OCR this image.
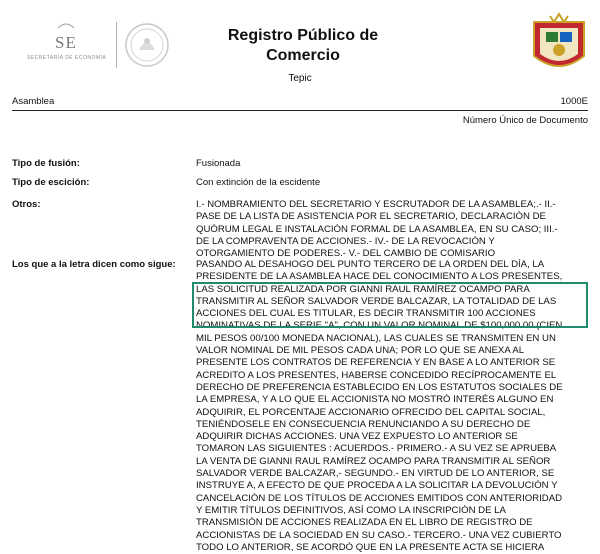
SE
SECRETARÍA DE ECONOMÍA
Registro Público de
Comercio
Tepic
Asamblea	1000E
Número Único de Documento
Tipo de fusión:	Fusionada
Tipo de escición:	Con extinción de la escidente
Otros:	I.- NOMBRAMIENTO DEL SECRETARIO Y ESCRUTADOR DE LA ASAMBLEA;.- II.-
PASE DE LA LISTA DE ASISTENCIA POR EL SECRETARIO, DECLARACIÓN DE
QUÓRUM LEGAL E INSTALACIÓN FORMAL DE LA ASAMBLEA, EN SU CASO; III.-
DE LA COMPRAVENTA DE ACCIONES.- IV.- DE LA REVOCACIÓN Y
OTORGAMIENTO DE PODERES.- V.- DEL CAMBIO DE COMISARIO
Los que a la letra dicen como sigue: PASANDO AL DESAHOGO DEL PUNTO TERCERO DE LA ORDEN DEL DÍA, LA
PRESIDENTE DE LA ASAMBLEA HACE DEL CONOCIMIENTO A LOS PRESENTES,
LAS SOLICITUD REALIZADA POR GIANNI RAUL RAMÍREZ OCAMPO PARA
TRANSMITIR AL SEÑOR SALVADOR VERDE BALCAZAR, LA TOTALIDAD DE LAS
ACCIONES DEL CUAL ES TITULAR, ES DECIR TRANSMITIR 100 ACCIONES
NOMINATIVAS DE LA SERIE "A", CON UN VALOR NOMINAL DE $100,000.00 (CIEN
MIL PESOS 00/100 MONEDA NACIONAL), LAS CUALES SE TRANSMITEN EN UN
VALOR NOMINAL DE MIL PESOS CADA UNA; POR LO QUE SE ANEXA AL
PRESENTE LOS CONTRATOS DE REFERENCIA Y EN BASE A LO ANTERIOR SE
ACREDITO A LOS PRESENTES, HABERSE CONCEDIDO RECÍPROCAMENTE EL
DERECHO DE PREFERENCIA ESTABLECIDO EN LOS ESTATUTOS SOCIALES DE
LA EMPRESA, Y A LO QUE EL ACCIONISTA NO MOSTRÓ INTERÉS ALGUNO EN
ADQUIRIR, EL PORCENTAJE ACCIONARIO OFRECIDO DEL CAPITAL SOCIAL,
TENIÉNDOSELE EN CONSECUENCIA RENUNCIANDO A SU DERECHO DE
ADQUIRIR DICHAS ACCIONES. UNA VEZ EXPUESTO LO ANTERIOR SE
TOMARON LAS SIGUIENTES : ACUERDOS.- PRIMERO.- A SU VEZ SE APRUEBA
LA VENTA DE GIANNI RAUL RAMÍREZ OCAMPO PARA TRANSMITIR AL SEÑOR
SALVADOR VERDE BALCAZAR,- SEGUNDO.- EN VIRTUD DE LO ANTERIOR, SE
INSTRUYE A, A EFECTO DE QUE PROCEDA A LA SOLICITAR LA DEVOLUCIÓN Y
CANCELACIÓN DE LOS TÍTULOS DE ACCIONES EMITIDOS CON ANTERIORIDAD
Y EMITIR TÍTULOS DEFINITIVOS, ASÍ COMO LA INSCRIPCIÓN DE LA
TRANSMISIÓN DE ACCIONES REALIZADA EN EL LIBRO DE REGISTRO DE
ACCIONISTAS DE LA SOCIEDAD EN SU CASO.- TERCERO.- UNA VEZ CUBIERTO
TODO LO ANTERIOR, SE ACORDÓ QUE EN LA PRESENTE ACTA SE HICIERA
